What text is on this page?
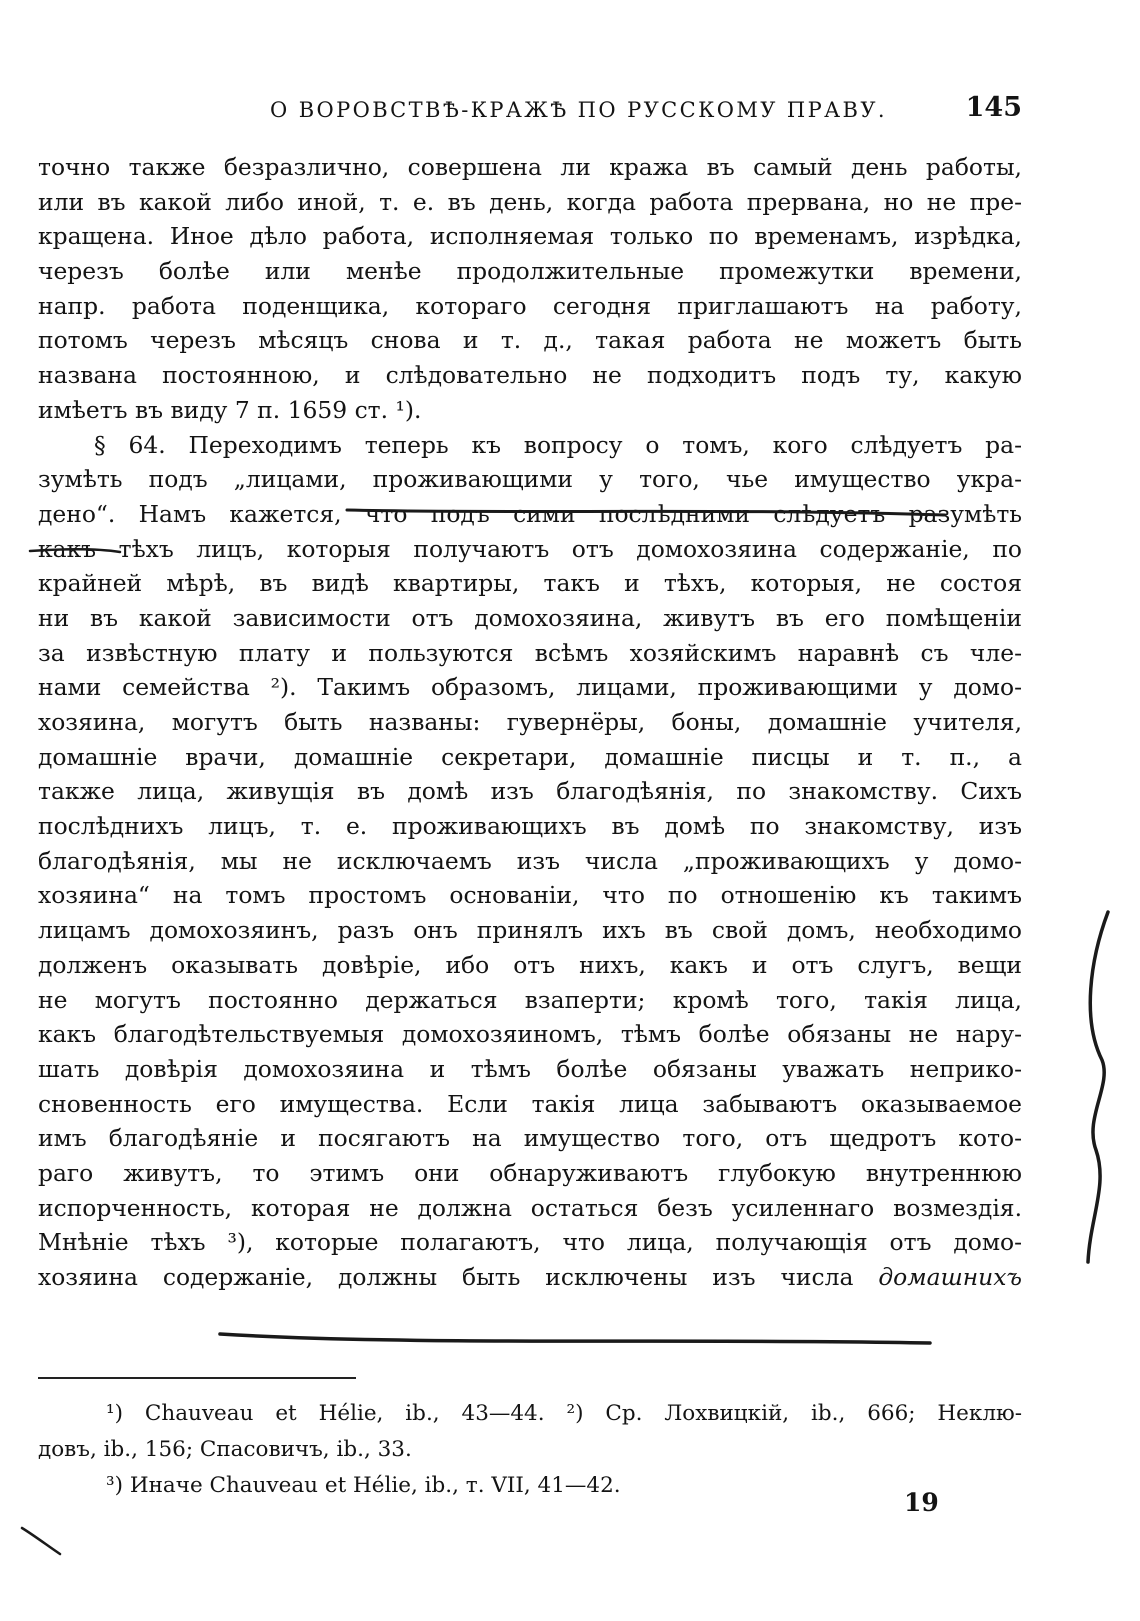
О ВОРОВСТВѢ-КРАЖѢ ПО РУССКОМУ ПРАВУ.	145
точно также безразлично, совершена ли кража въ самый день работы,
или въ какой либо иной, т. е. въ день, когда работа прервана, но не пре-
кращена. Иное дѣло работа, исполняемая только по временамъ, изрѣдка,
черезъ болѣе или менѣе продолжительные промежутки времени,
напр. работа поденщика, котораго сегодня приглашаютъ на работу,
потомъ черезъ мѣсяцъ снова и т. д., такая работа не можетъ быть
названа постоянною, и слѣдовательно не подходитъ подъ ту, какую
имѣетъ въ виду 7 п. 1659 ст. ¹).
§ 64. Переходимъ теперь къ вопросу о томъ, кого слѣдуетъ ра-
зумѣть подъ „лицами, проживающими у того, чье имущество укра-
дено“. Намъ кажется, что подъ сими послѣдними слѣдуетъ разумѣть
какъ тѣхъ лицъ, которыя получаютъ отъ домохозяина содержаніе, по
крайней мѣрѣ, въ видѣ квартиры, такъ и тѣхъ, которыя, не состоя
ни въ какой зависимости отъ домохозяина, живутъ въ его помѣщеніи
за извѣстную плату и пользуются всѣмъ хозяйскимъ наравнѣ съ чле-
нами семейства ²). Такимъ образомъ, лицами, проживающими у домо-
хозяина, могутъ быть названы: гувернёры, боны, домашніе учителя,
домашніе врачи, домашніе секретари, домашніе писцы и т. п., а
также лица, живущія въ домѣ изъ благодѣянія, по знакомству. Сихъ
послѣднихъ лицъ, т. е. проживающихъ въ домѣ по знакомству, изъ
благодѣянія, мы не исключаемъ изъ числа „проживающихъ у домо-
хозяина“ на томъ простомъ основаніи, что по отношенію къ такимъ
лицамъ домохозяинъ, разъ онъ принялъ ихъ въ свой домъ, необходимо
долженъ оказывать довѣріе, ибо отъ нихъ, какъ и отъ слугъ, вещи
не могутъ постоянно держаться взаперти; кромѣ того, такія лица,
какъ благодѣтельствуемыя домохозяиномъ, тѣмъ болѣе обязаны не нару-
шать довѣрія домохозяина и тѣмъ болѣе обязаны уважать неприко-
сновенность его имущества. Если такія лица забываютъ оказываемое
имъ благодѣяніе и посягаютъ на имущество того, отъ щедротъ кото-
раго живутъ, то этимъ они обнаруживаютъ глубокую внутреннюю
испорченность, которая не должна остаться безъ усиленнаго возмездія.
Мнѣніе тѣхъ ³), которые полагаютъ, что лица, получающія отъ домо-
хозяина содержаніе, должны быть исключены изъ числа домашнихъ
¹) Chauveau et Hélie, ib., 43—44. ²) Ср. Лохвицкій, ib., 666; Неклю-
довъ, ib., 156; Спасовичъ, ib., 33.
³) Иначе Chauveau et Hélie, ib., т. VII, 41—42.
19
